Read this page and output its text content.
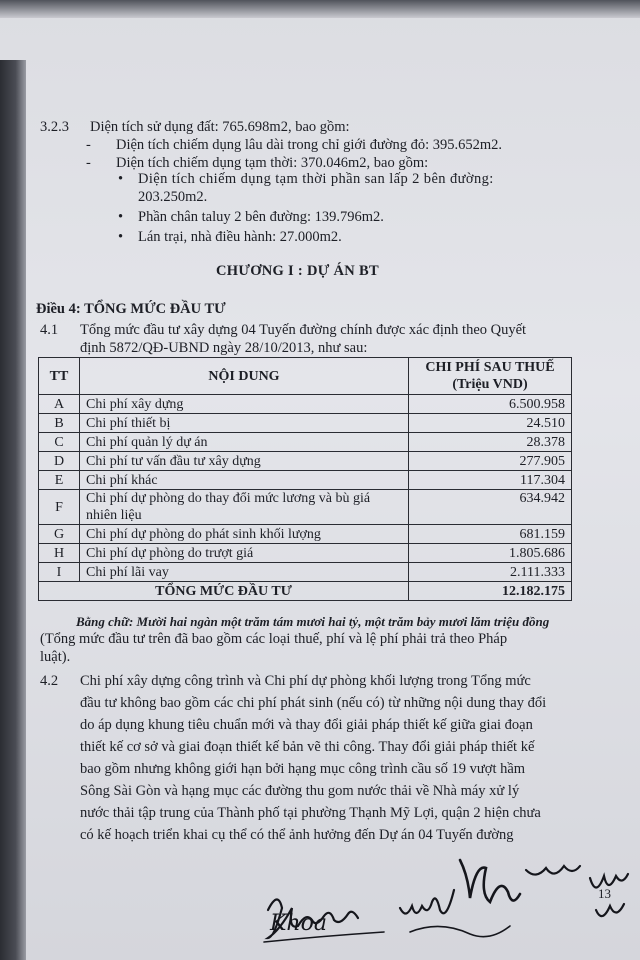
3.2.3 Diện tích sử dụng đất: 765.698m2, bao gồm:
- Diện tích chiếm dụng lâu dài trong chỉ giới đường đỏ: 395.652m2.
- Diện tích chiếm dụng tạm thời: 370.046m2, bao gồm:
• Diện tích chiếm dụng tạm thời phần san lấp 2 bên đường:
203.250m2.
• Phần chân taluy 2 bên đường: 139.796m2.
• Lán trại, nhà điều hành: 27.000m2.
CHƯƠNG I : DỰ ÁN BT
Điều 4: TỔNG MỨC ĐẦU TƯ
4.1 Tổng mức đầu tư xây dựng 04 Tuyến đường chính được xác định theo Quyết
định 5872/QĐ-UBND ngày 28/10/2013, như sau:
TT	NỘI DUNG	CHI PHÍ SAU THUẾ
(Triệu VND)

A	Chi phí xây dựng	6.500.958
B	Chi phí thiết bị	24.510
C	Chi phí quản lý dự án	28.378
D	Chi phí tư vấn đầu tư xây dựng	277.905
E	Chi phí khác	117.304
F	Chi phí dự phòng do thay đổi mức lương và bù giá
nhiên liệu	634.942
G	Chi phí dự phòng do phát sinh khối lượng	681.159
H	Chi phí dự phòng do trượt giá	1.805.686
I	Chi phí lãi vay	2.111.333
TỔNG MỨC ĐẦU TƯ		12.182.175
Bằng chữ: Mười hai ngàn một trăm tám mươi hai tỷ, một trăm bảy mươi lăm triệu đồng
(Tổng mức đầu tư trên đã bao gồm các loại thuế, phí và lệ phí phải trả theo Pháp
luật).
4.2 Chi phí xây dựng công trình và Chi phí dự phòng khối lượng trong Tổng mức
đầu tư không bao gồm các chi phí phát sinh (nếu có) từ những nội dung thay đổi
do áp dụng khung tiêu chuẩn mới và thay đổi giải pháp thiết kế giữa giai đoạn
thiết kế cơ sở và giai đoạn thiết kế bản vẽ thi công. Thay đổi giải pháp thiết kế
bao gồm nhưng không giới hạn bởi hạng mục công trình cầu số 19 vượt hầm
Sông Sài Gòn và hạng mục các đường thu gom nước thải về Nhà máy xử lý
nước thải tập trung của Thành phố tại phường Thạnh Mỹ Lợi, quận 2 hiện chưa
có kế hoạch triển khai cụ thể có thể ảnh hưởng đến Dự án 04 Tuyến đường
13
Khoa
